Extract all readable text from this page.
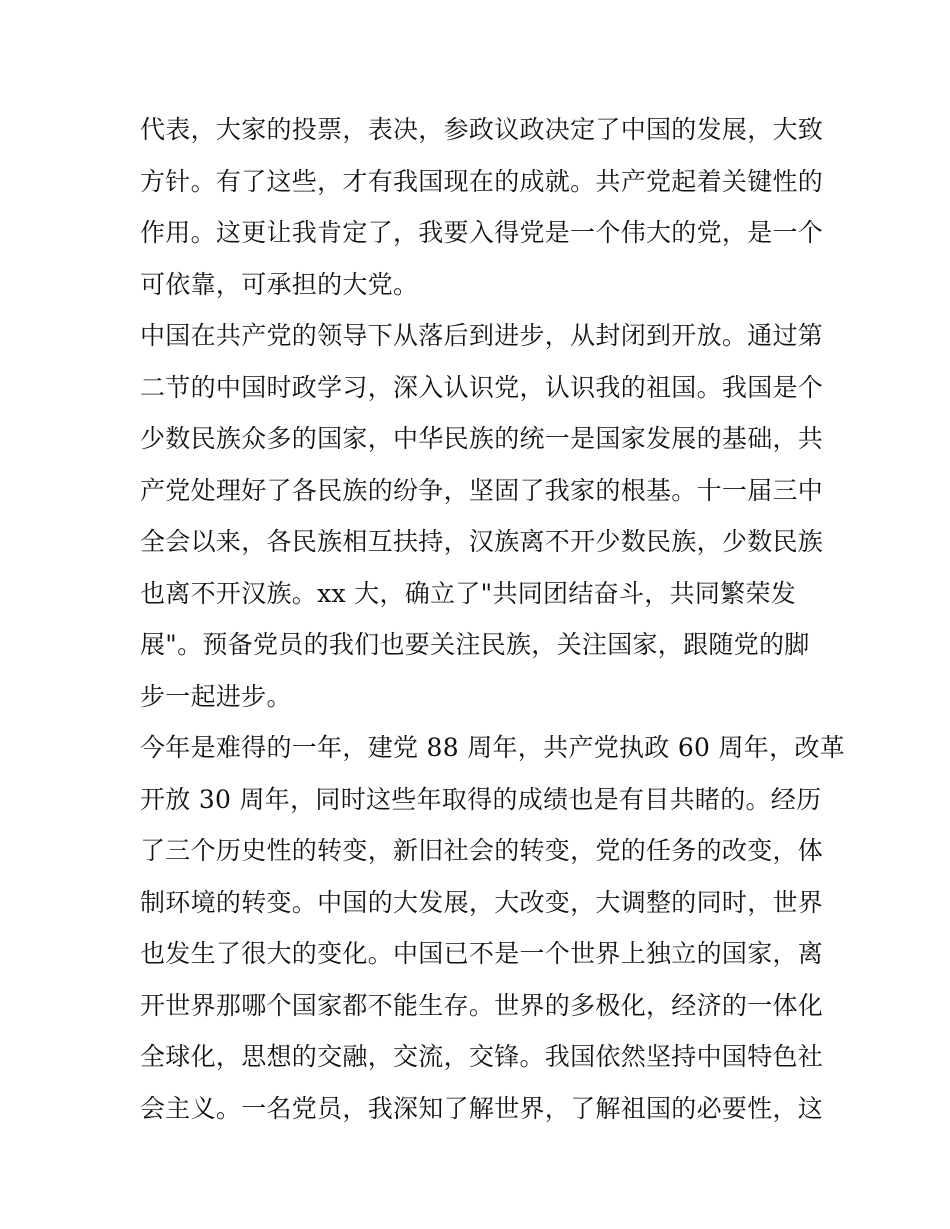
代表，大家的投票，表决，参政议政决定了中国的发展，大致
方针。有了这些，才有我国现在的成就。共产党起着关键性的
作用。这更让我肯定了，我要入得党是一个伟大的党，是一个
可依靠，可承担的大党。
中国在共产党的领导下从落后到进步，从封闭到开放。通过第
二节的中国时政学习，深入认识党，认识我的祖国。我国是个
少数民族众多的国家，中华民族的统一是国家发展的基础，共
产党处理好了各民族的纷争，坚固了我家的根基。十一届三中
全会以来，各民族相互扶持，汉族离不开少数民族，少数民族
也离不开汉族。xx 大，确立了"共同团结奋斗，共同繁荣发
展"。预备党员的我们也要关注民族，关注国家，跟随党的脚
步一起进步。
今年是难得的一年，建党 88 周年，共产党执政 60 周年，改革
开放 30 周年，同时这些年取得的成绩也是有目共睹的。经历
了三个历史性的转变，新旧社会的转变，党的任务的改变，体
制环境的转变。中国的大发展，大改变，大调整的同时，世界
也发生了很大的变化。中国已不是一个世界上独立的国家，离
开世界那哪个国家都不能生存。世界的多极化，经济的一体化
全球化，思想的交融，交流，交锋。我国依然坚持中国特色社
会主义。一名党员，我深知了解世界，了解祖国的必要性，这
